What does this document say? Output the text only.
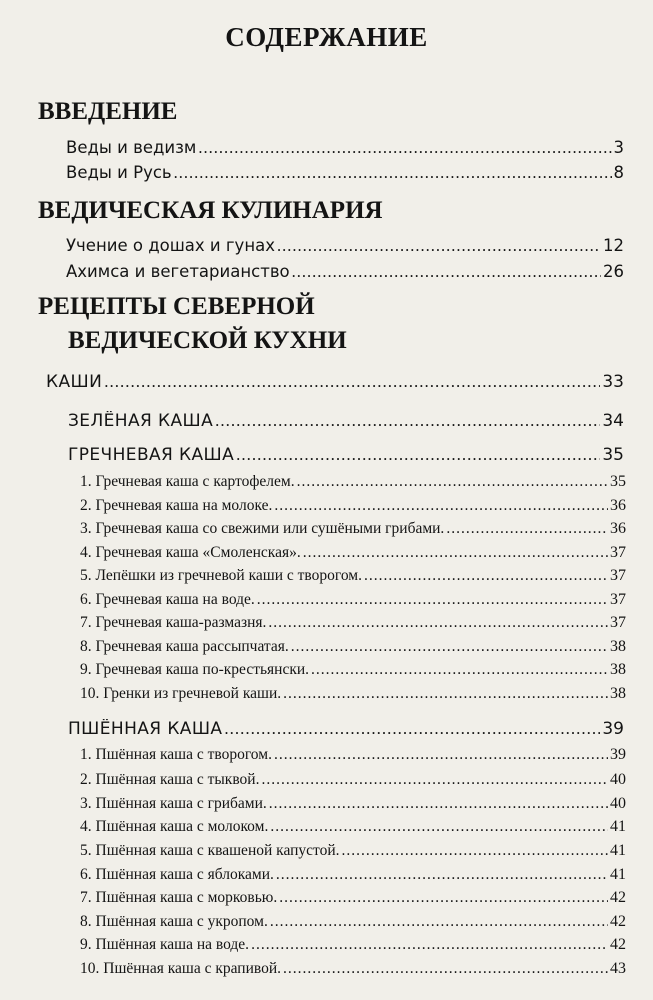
СОДЕРЖАНИЕ
ВВЕДЕНИЕ
Веды и ведизм .....	3
Веды и Русь .....	8
ВЕДИЧЕСКАЯ КУЛИНАРИЯ
Учение о дошах и гунах .....	12
Ахимса и вегетарианство .....	26
РЕЦЕПТЫ СЕВЕРНОЙ
ВЕДИЧЕСКОЙ КУХНИ
КАШИ .....	33
ЗЕЛЁНАЯ КАША .....	34
ГРЕЧНЕВАЯ КАША .....	35
1. Гречневая каша с картофелем. .....	35
2. Гречневая каша на молоке. .....	36
3. Гречневая каша со свежими или сушёными грибами. .....	36
4. Гречневая каша «Смоленская». .....	37
5. Лепёшки из гречневой каши с творогом. .....	37
6. Гречневая каша на воде. .....	37
7. Гречневая каша-размазня. .....	37
8. Гречневая каша рассыпчатая. .....	38
9. Гречневая каша по-крестьянски. .....	38
10. Гренки из гречневой каши. .....	38
ПШЁННАЯ КАША .....	39
1. Пшённая каша с творогом. .....	39
2. Пшённая каша с тыквой. .....	40
3. Пшённая каша с грибами. .....	40
4. Пшённая каша с молоком. .....	41
5. Пшённая каша с квашеной капустой. .....	41
6. Пшённая каша с яблоками. .....	41
7. Пшённая каша с морковью. .....	42
8. Пшённая каша с укропом. .....	42
9. Пшённая каша на воде. .....	42
10. Пшённая каша с крапивой. .....	43
